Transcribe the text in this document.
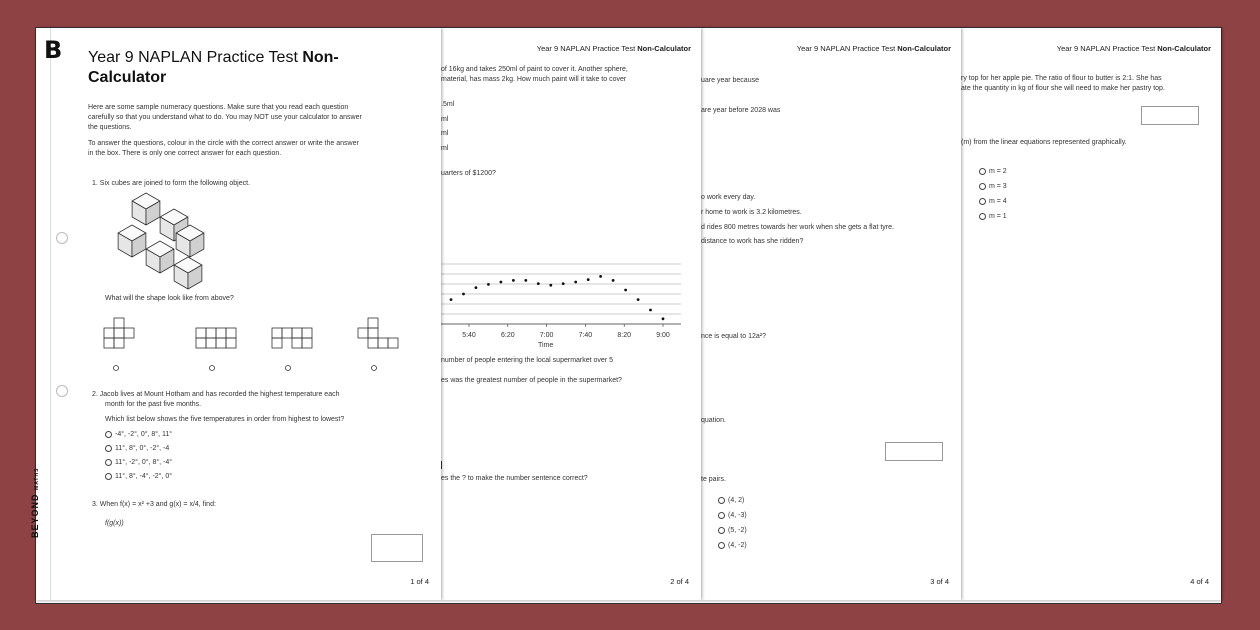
Year 9 NAPLAN Practice Test Non-Calculator
ry top for her apple pie. The ratio of flour to butter is 2:1. She has
ate the quantity in kg of flour she will need to make her pastry top.
(m) from the linear equations represented graphically.
m = 2
m = 3
m = 4
m = 1
4 of 4
Year 9 NAPLAN Practice Test Non-Calculator
uare year because
are year before 2028 was
o work every day.
r home to work is 3.2 kilometres.
d rides 800 metres towards her work when she gets a flat tyre.
distance to work has she ridden?
nce is equal to 12a²?
quation.
te pairs.
(4, 2)
(4, -3)
(5, -2)
(4, -2)
3 of 4
Year 9 NAPLAN Practice Test Non-Calculator
of 16kg and takes 250ml of paint to cover it. Another sphere,
material, has mass 2kg. How much paint will it take to cover
.5ml
ml
ml
ml
uarters of $1200?
5:40	6:20	7:00	7:40	8:20	9:00
Time
number of people entering the local supermarket over 5
es was the greatest number of people in the supermarket?
es the ? to make the number sentence correct?
2 of 4
B
BEYOND MATHS
Year 9 NAPLAN Practice Test Non-
Calculator
Here are some sample numeracy questions. Make sure that you read each question
carefully so that you understand what to do. You may NOT use your calculator to answer
the questions.
To answer the questions, colour in the circle with the correct answer or write the answer
in the box. There is only one correct answer for each question.
1. Six cubes are joined to form the following object.
What will the shape look like from above?
2. Jacob lives at Mount Hotham and has recorded the highest temperature each
month for the past five months.
Which list below shows the five temperatures in order from highest to lowest?
-4°, -2°, 0°, 8°, 11°
11°, 8°, 0°, -2°, -4
11°, -2°, 0°, 8°, -4°
11°, 8°, -4°, -2°, 0°
3. When f(x) = x² +3 and g(x) = x/4, find:
f(g(x))
1 of 4
